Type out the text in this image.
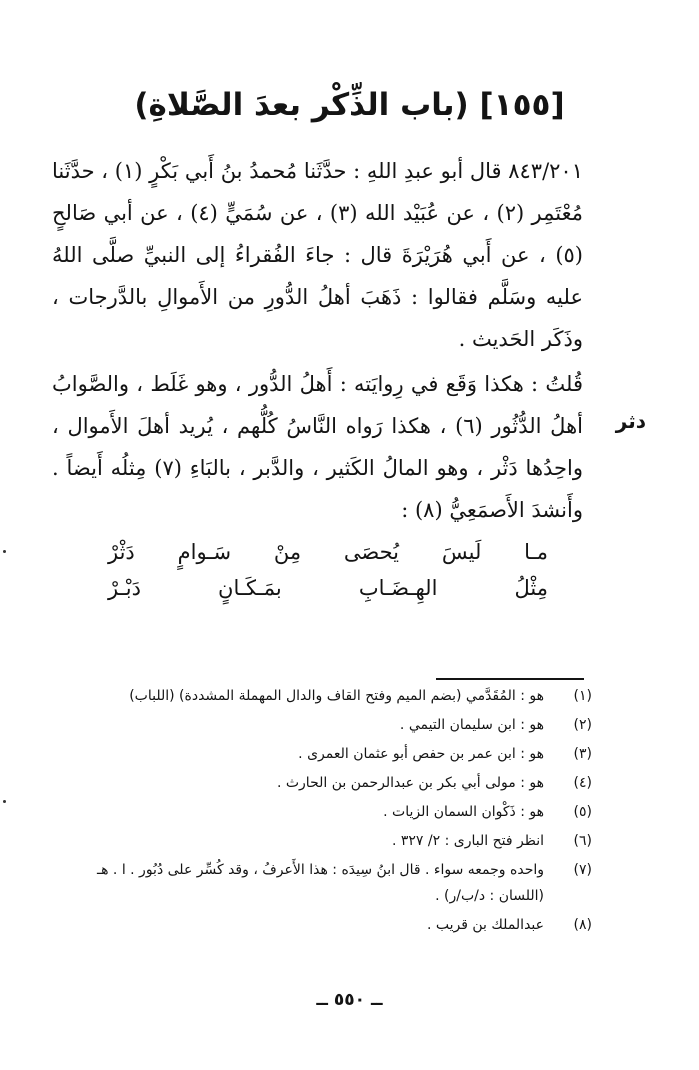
[١٥٥] (باب الذِّكْر بعدَ الصَّلاةِ)
٨٤٣/٢٠١ قال أبو عبدِ اللهِ : حدَّثَنا مُحمدُ بنُ أَبي بَكْرٍ (١) ، حدَّثَنا مُعْتَمِر (٢) ، عن عُبَيْد الله (٣) ، عن سُمَيٍّ (٤) ، عن أبي صَالحٍ (٥) ، عن أَبي هُرَيْرَةَ قال : جاءَ الفُقراءُ إلى النبيِّ صلَّى اللهُ عليه وسَلَّم فقالوا : ذَهَبَ أهلُ الدُّورِ من الأَموالِ بالدَّرجات ، وذَكَر الحَديث .
قُلتُ : هكذا وَقَع في رِوايَته : أَهلُ الدُّور ، وهو غَلَط ، والصَّوابُ أهلُ الدُّثُور (٦) ، هكذا رَواه النَّاسُ كُلُّهم ، يُريد أهلَ الأَموال ، واحِدُها دَثْر ، وهو المالُ الكَثير ، والدَّبر ، بالبَاءِ (٧) مِثلُه أَيضاً . وأَنشدَ الأَصمَعِيُّ (٨) :
دثر
مـا لَيسَ يُحصَى مِنْ سَـوامٍ دَثْرْ
مِثْلُ الهِـضَـابِ بمَـكَـانٍ دَبْـرْ
(١)
هو : المُقَدَّمي (بضم الميم وفتح القاف والدال المهملة المشددة) (اللباب)
(٢)
هو : ابن سليمان التيمي .
(٣)
هو : ابن عمر بن حفص أبو عثمان العمرى .
(٤)
هو : مولى أبي بكر بن عبدالرحمن بن الحارث .
(٥)
هو : ذَكْوان السمان الزيات .
(٦)
انظر فتح البارى : ٢/ ٣٢٧ .
(٧)
واحده وجمعه سواء . قال ابنُ سِيدَه : هذا الأَعرفُ ، وقد كُسِّر على دُبُور . ا . هـ (اللسان : د/ب/ر) .
(٨)
عبدالملك بن قريب .
ــ ٥٥٠ ــ
